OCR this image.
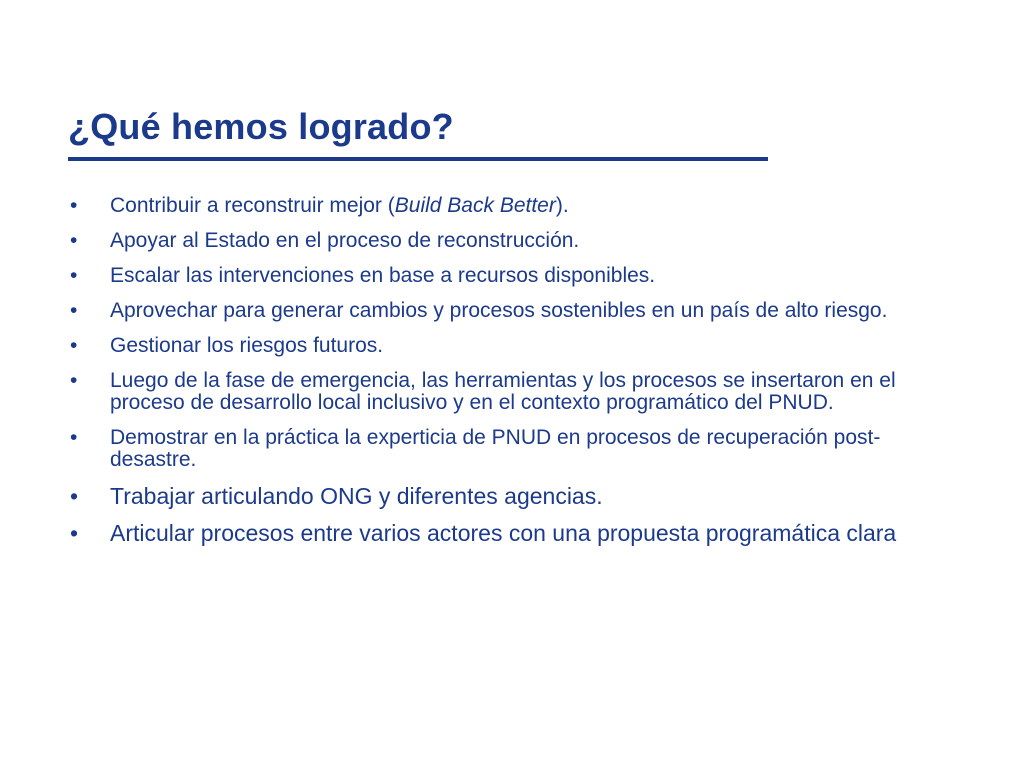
¿Qué hemos logrado?
•	Contribuir a reconstruir mejor (Build Back Better).
•	Apoyar al Estado en el proceso de reconstrucción.
•	Escalar las intervenciones en base a recursos disponibles.
•	Aprovechar para generar cambios y procesos sostenibles en un país de alto riesgo.
•	Gestionar los riesgos futuros.
•	Luego de la fase de emergencia, las herramientas y los procesos se insertaron en el proceso de desarrollo local inclusivo y en el contexto programático del PNUD.
•	Demostrar en la práctica la experticia de PNUD en procesos de recuperación post-desastre.
•	Trabajar articulando ONG y diferentes agencias.
•	Articular procesos entre varios actores con una propuesta programática clara
